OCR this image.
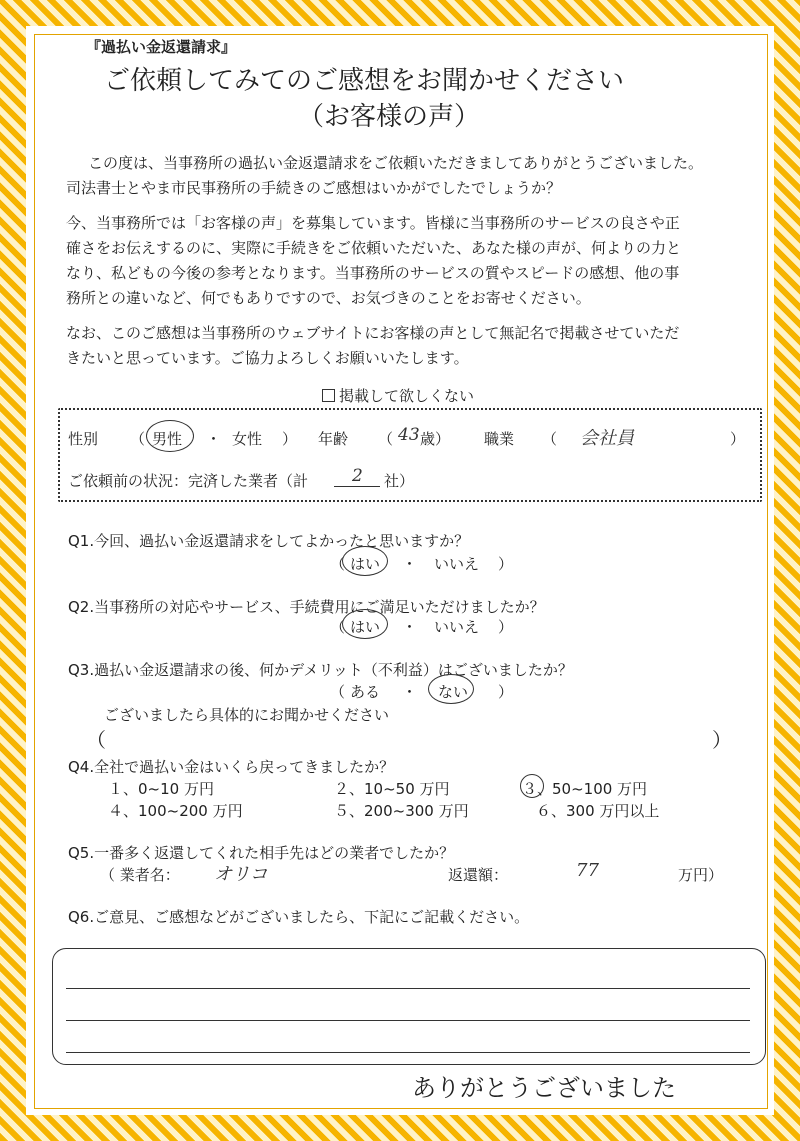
『過払い金返還請求』
ご依頼してみてのご感想をお聞かせください
（お客様の声）
この度は、当事務所の過払い金返還請求をご依頼いただきましてありがとうございました。
司法書士とやま市民事務所の手続きのご感想はいかがでしたでしょうか？
今、当事務所では「お客様の声」を募集しています。皆様に当事務所のサービスの良さや正
確さをお伝えするのに、実際に手続きをご依頼いただいた、あなた様の声が、何よりの力と
なり、私どもの今後の参考となります。当事務所のサービスの質やスピードの感想、他の事
務所との違いなど、何でもありですので、お気づきのことをお寄せください。
なお、このご感想は当事務所のウェブサイトにお客様の声として無記名で掲載させていただ
きたいと思っています。ご協力よろしくお願いいたします。
掲載して欲しくない
性別 （ 男性 ・ 女性 ） 年齢 （ 43 歳） 職業 （ 会社員	）
ご依頼前の状況：完済した業者（計	2 社）
Q1.今回、過払い金返還請求をしてよかったと思いますか？
（ はい ・ いいえ ）
Q2.当事務所の対応やサービス、手続費用にご満足いただけましたか？
（ はい ・ いいえ ）
Q3.過払い金返還請求の後、何かデメリット（不利益）はございましたか？
（ ある ・ ない ）
ございましたら具体的にお聞かせください
（	）
Q4.全社で過払い金はいくら戻ってきましたか？
１、0~10 万円	２、10~50 万円	３、50~100 万円
４、100~200 万円	５、200~300 万円	６、300 万円以上
Q5.一番多く返還してくれた相手先はどの業者でしたか？
（ 業者名： オリコ	返還額：	77	万円）
Q6.ご意見、ご感想などがございましたら、下記にご記載ください。
ありがとうございました
